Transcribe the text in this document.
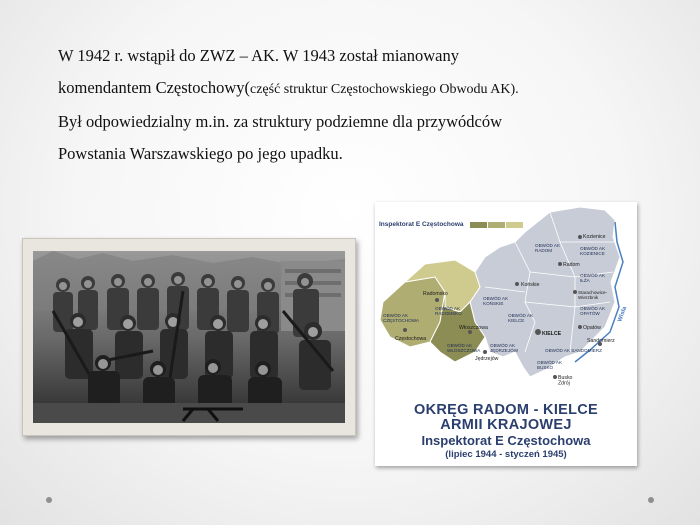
W 1942 r. wstąpił do ZWZ – AK. W 1943 został mianowany

komendantem Częstochowy(część struktur Częstochowskiego Obwodu AK).

Był odpowiedzialny m.in. za struktury podziemne dla przywódców

Powstania Warszawskiego po jego upadku.

Inspektorat E Częstochowa
Wisła
Radomsko
OBWÓD AK RADOMSKO
OBWÓD AK CZĘSTOCHOWA
Częstochowa
Włoszczowa
OBWÓD AK WŁOSZCZOWA
Jędrzejów
OBWÓD AK JĘDRZEJÓW
OBWÓD AK KOŃSKIE
Końskie
OBWÓD AK KIELCE
KIELCE
OBWÓD AK RADOM
Radom
Kozienice
OBWÓD AK KOZIENICE
OBWÓD AK IŁŻA
Starachowice-Wierzbnik
OBWÓD AK OPATÓW
Opatów
Sandomierz
OBWÓD AK SANDOMIERZ
OBWÓD AK BUSKO
Busko Zdrój
OKRĘG RADOM - KIELCE
ARMII KRAJOWEJ
Inspektorat E Częstochowa
(lipiec 1944 - styczeń 1945)
